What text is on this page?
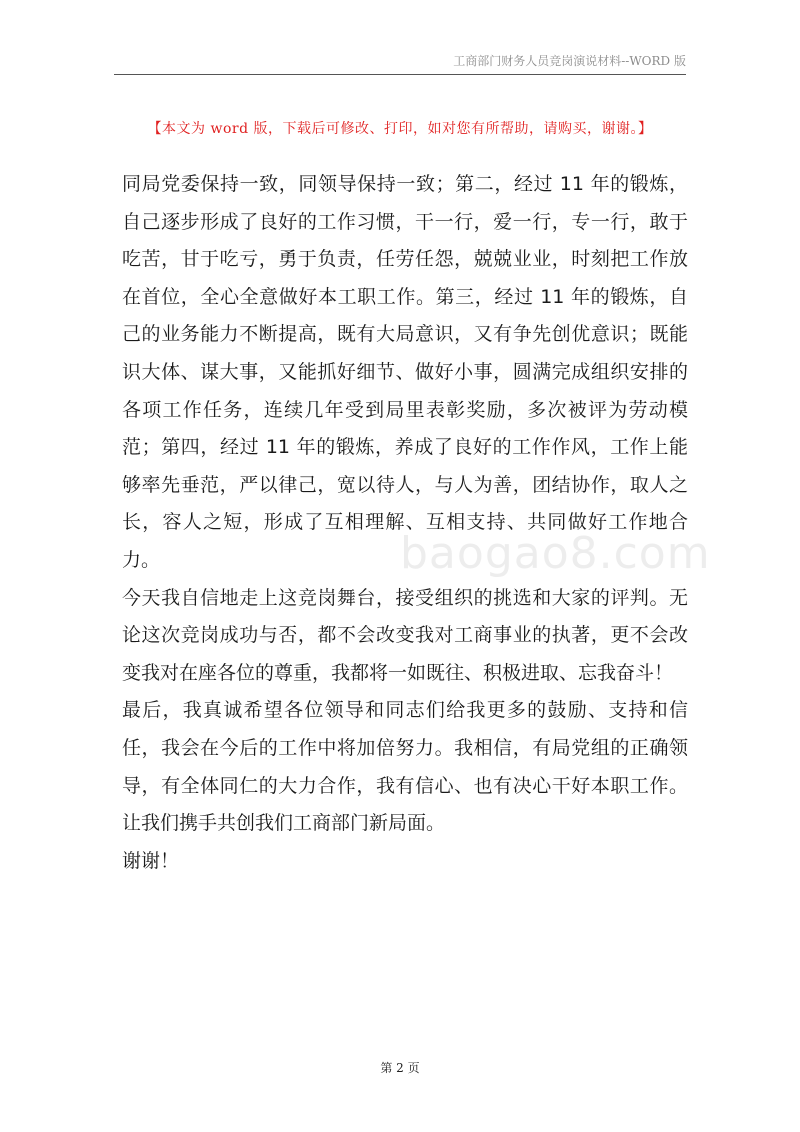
工商部门财务人员竞岗演说材料--WORD 版
【本文为 word 版，下载后可修改、打印，如对您有所帮助，请购买，谢谢。】
baogao8.com

同局党委保持一致，同领导保持一致；第二，经过 11 年的锻炼，自己逐步形成了良好的工作习惯，干一行，爱一行，专一行，敢于吃苦，甘于吃亏，勇于负责，任劳任怨，兢兢业业，时刻把工作放在首位，全心全意做好本工职工作。第三，经过 11 年的锻炼，自己的业务能力不断提高，既有大局意识，又有争先创优意识；既能识大体、谋大事，又能抓好细节、做好小事，圆满完成组织安排的各项工作任务，连续几年受到局里表彰奖励，多次被评为劳动模范；第四，经过 11 年的锻炼，养成了良好的工作作风，工作上能够率先垂范，严以律己，宽以待人，与人为善，团结协作，取人之长，容人之短，形成了互相理解、互相支持、共同做好工作地合力。

今天我自信地走上这竞岗舞台，接受组织的挑选和大家的评判。无论这次竞岗成功与否，都不会改变我对工商事业的执著，更不会改变我对在座各位的尊重，我都将一如既往、积极进取、忘我奋斗！

最后，我真诚希望各位领导和同志们给我更多的鼓励、支持和信任，我会在今后的工作中将加倍努力。我相信，有局党组的正确领导，有全体同仁的大力合作，我有信心、也有决心干好本职工作。让我们携手共创我们工商部门新局面。

谢谢！

第 2 页
